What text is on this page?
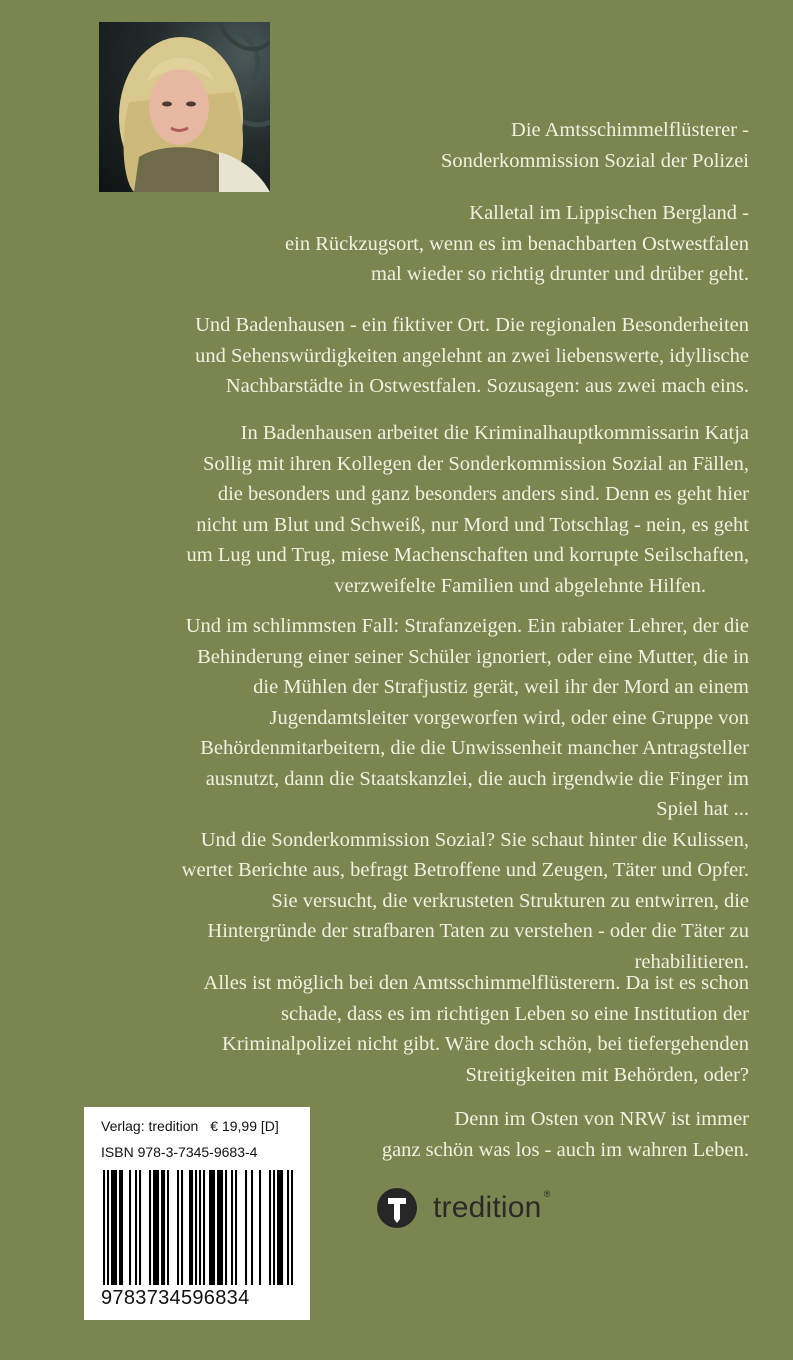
Die Amtsschimmelflüsterer -

Sonderkommission Sozial der Polizei

Kalletal im Lippischen Bergland -

ein Rückzugsort, wenn es im benachbarten Ostwestfalen

mal wieder so richtig drunter und drüber geht.

Und Badenhausen - ein fiktiver Ort. Die regionalen Besonderheiten

und Sehenswürdigkeiten angelehnt an zwei liebenswerte, idyllische

Nachbarstädte in Ostwestfalen. Sozusagen: aus zwei mach eins.

In Badenhausen arbeitet die Kriminalhauptkommissarin Katja

Sollig mit ihren Kollegen der Sonderkommission Sozial an Fällen,

die besonders und ganz besonders anders sind. Denn es geht hier

nicht um Blut und Schweiß, nur Mord und Totschlag - nein, es geht

um Lug und Trug, miese Machenschaften und korrupte Seilschaften,

verzweifelte Familien und abgelehnte Hilfen.

Und im schlimmsten Fall: Strafanzeigen. Ein rabiater Lehrer, der die

Behinderung einer seiner Schüler ignoriert, oder eine Mutter, die in

die Mühlen der Strafjustiz gerät, weil ihr der Mord an einem

Jugendamtsleiter vorgeworfen wird, oder eine Gruppe von

Behördenmitarbeitern, die die Unwissenheit mancher Antragsteller

ausnutzt, dann die Staatskanzlei, die auch irgendwie die Finger im

Spiel hat ...

Und die Sonderkommission Sozial? Sie schaut hinter die Kulissen,

wertet Berichte aus, befragt Betroffene und Zeugen, Täter und Opfer.

Sie versucht, die verkrusteten Strukturen zu entwirren, die

Hintergründe der strafbaren Taten zu verstehen - oder die Täter zu

rehabilitieren.

Alles ist möglich bei den Amtsschimmelflüsterern. Da ist es schon

schade, dass es im richtigen Leben so eine Institution der

Kriminalpolizei nicht gibt. Wäre doch schön, bei tiefergehenden

Streitigkeiten mit Behörden, oder?

Denn im Osten von NRW ist immer

ganz schön was los - auch im wahren Leben.

Verlag: tredition € 19,99 [D]
ISBN 978-3-7345-9683-4
9783734596834
tredition ®
